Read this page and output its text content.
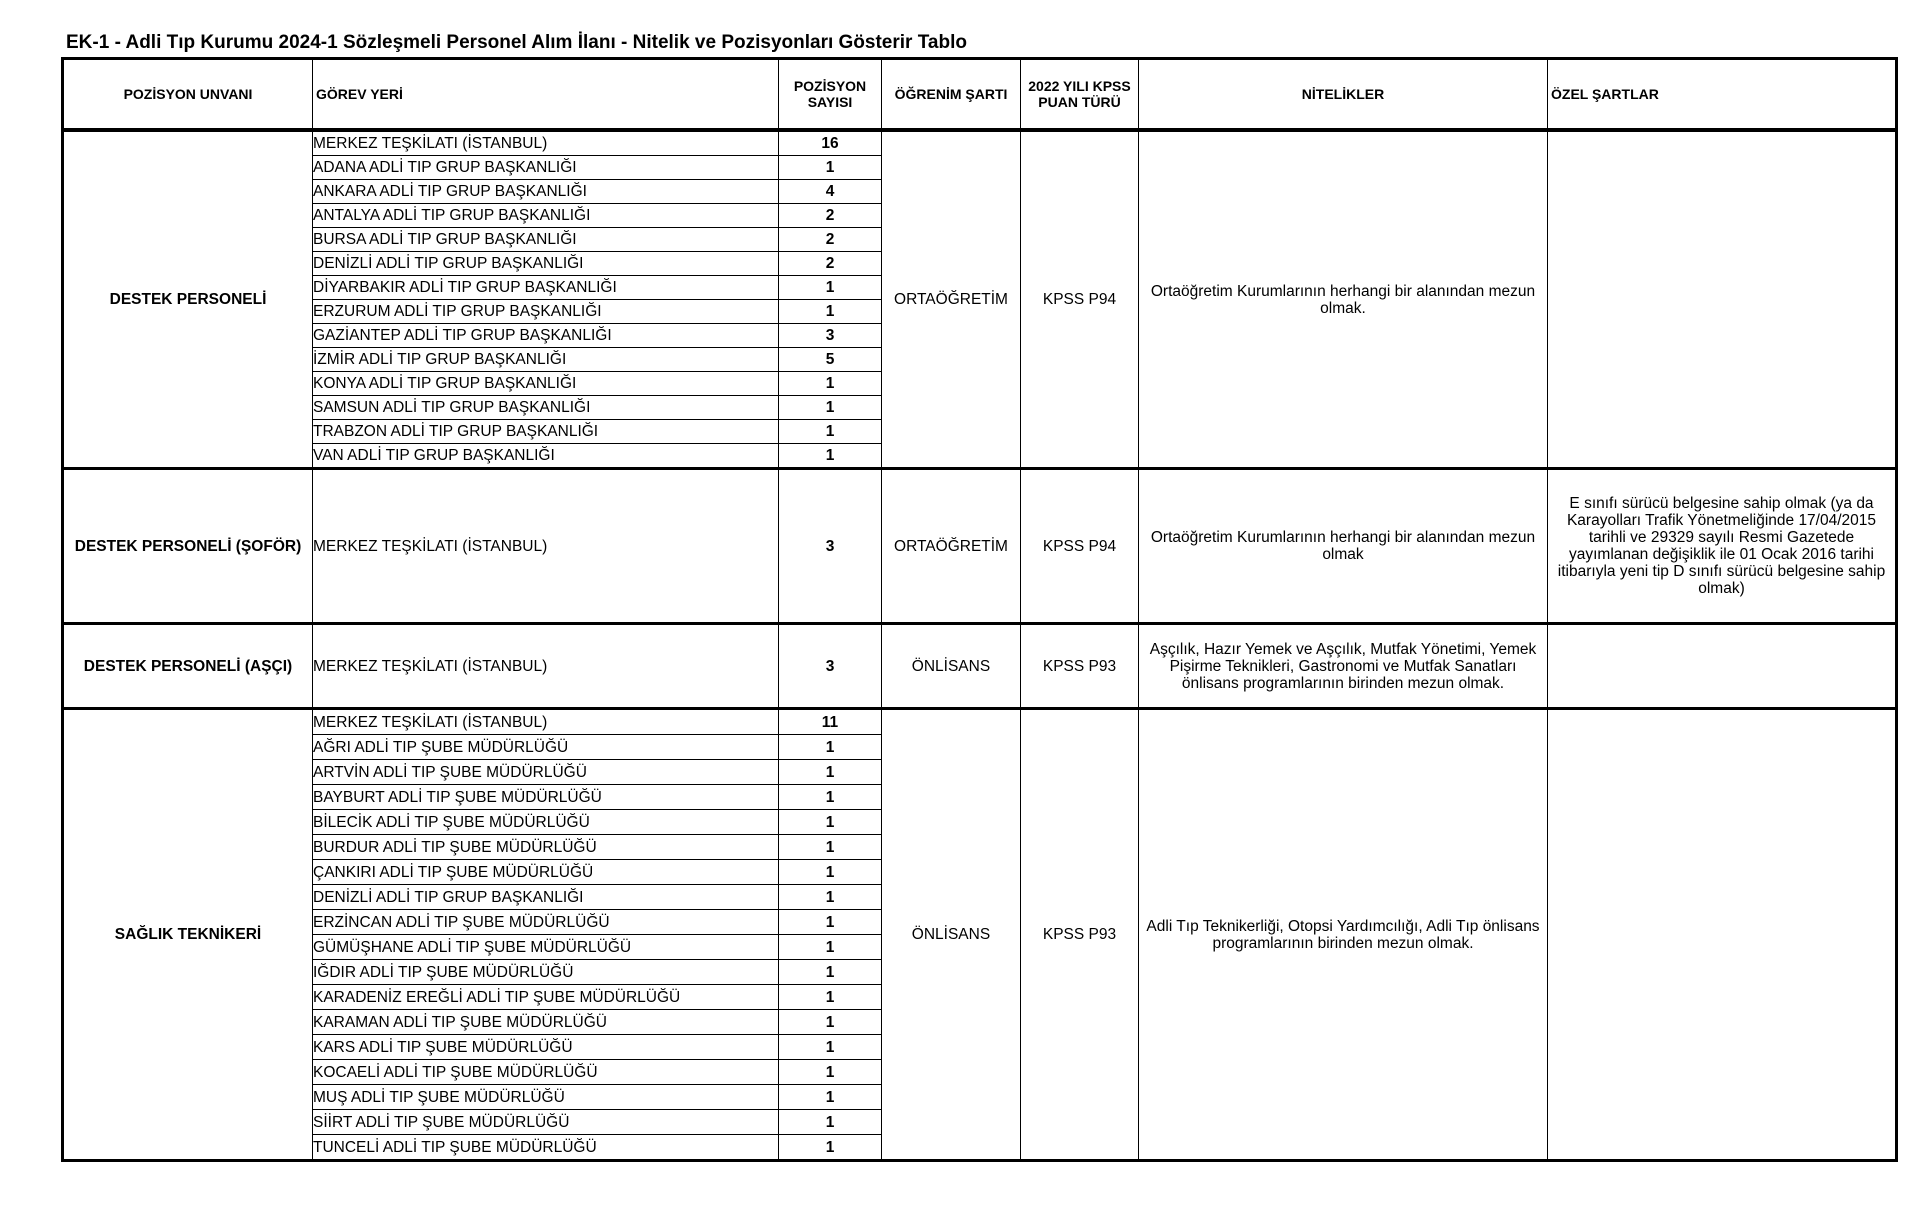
EK-1 - Adli Tıp Kurumu 2024-1 Sözleşmeli Personel Alım İlanı - Nitelik ve Pozisyonları Gösterir Tablo
POZİSYON UNVANI	GÖREV YERİ	POZİSYON SAYISI	ÖĞRENİM ŞARTI	2022 YILI KPSS PUAN TÜRÜ	NİTELİKLER	ÖZEL ŞARTLAR
DESTEK PERSONELİ	MERKEZ TEŞKİLATI (İSTANBUL)	16	ORTAÖĞRETİM	KPSS P94	Ortaöğretim Kurumlarının herhangi bir alanından mezun olmak.	
	ADANA ADLİ TIP GRUP BAŞKANLIĞI	1				
	ANKARA ADLİ TIP GRUP BAŞKANLIĞI	4				
	ANTALYA ADLİ TIP GRUP BAŞKANLIĞI	2				
	BURSA ADLİ TIP GRUP BAŞKANLIĞI	2				
	DENİZLİ ADLİ TIP GRUP BAŞKANLIĞI	2				
	DİYARBAKIR ADLİ TIP GRUP BAŞKANLIĞI	1				
	ERZURUM ADLİ TIP GRUP BAŞKANLIĞI	1				
	GAZİANTEP ADLİ TIP GRUP BAŞKANLIĞI	3				
	İZMİR ADLİ TIP GRUP BAŞKANLIĞI	5				
	KONYA ADLİ TIP GRUP BAŞKANLIĞI	1				
	SAMSUN ADLİ TIP GRUP BAŞKANLIĞI	1				
	TRABZON ADLİ TIP GRUP BAŞKANLIĞI	1				
	VAN ADLİ TIP GRUP BAŞKANLIĞI	1				
DESTEK PERSONELİ (ŞOFÖR)	MERKEZ TEŞKİLATI (İSTANBUL)	3	ORTAÖĞRETİM	KPSS P94	Ortaöğretim Kurumlarının herhangi bir alanından mezun olmak	E sınıfı sürücü belgesine sahip olmak (ya da Karayolları Trafik Yönetmeliğinde 17/04/2015 tarihli ve 29329 sayılı Resmi Gazetede yayımlanan değişiklik ile 01 Ocak 2016 tarihi itibarıyla yeni tip D sınıfı sürücü belgesine sahip olmak)
DESTEK PERSONELİ (AŞÇI)	MERKEZ TEŞKİLATI (İSTANBUL)	3	ÖNLİSANS	KPSS P93	Aşçılık, Hazır Yemek ve Aşçılık, Mutfak Yönetimi, Yemek Pişirme Teknikleri, Gastronomi ve Mutfak Sanatları önlisans programlarının birinden mezun olmak.	
SAĞLIK TEKNİKERİ	MERKEZ TEŞKİLATI (İSTANBUL)	11	ÖNLİSANS	KPSS P93	Adli Tıp Teknikerliği, Otopsi Yardımcılığı, Adli Tıp önlisans programlarının birinden mezun olmak.	
	AĞRI ADLİ TIP ŞUBE MÜDÜRLÜĞÜ	1				
	ARTVİN ADLİ TIP ŞUBE MÜDÜRLÜĞÜ	1				
	BAYBURT ADLİ TIP ŞUBE MÜDÜRLÜĞÜ	1				
	BİLECİK ADLİ TIP ŞUBE MÜDÜRLÜĞÜ	1				
	BURDUR ADLİ TIP ŞUBE MÜDÜRLÜĞÜ	1				
	ÇANKIRI ADLİ TIP ŞUBE MÜDÜRLÜĞÜ	1				
	DENİZLİ ADLİ TIP GRUP BAŞKANLIĞI	1				
	ERZİNCAN ADLİ TIP ŞUBE MÜDÜRLÜĞÜ	1				
	GÜMÜŞHANE ADLİ TIP ŞUBE MÜDÜRLÜĞÜ	1				
	IĞDIR ADLİ TIP ŞUBE MÜDÜRLÜĞÜ	1				
	KARADENİZ EREĞLİ ADLİ TIP ŞUBE MÜDÜRLÜĞÜ	1				
	KARAMAN ADLİ TIP ŞUBE MÜDÜRLÜĞÜ	1				
	KARS ADLİ TIP ŞUBE MÜDÜRLÜĞÜ	1				
	KOCAELİ ADLİ TIP ŞUBE MÜDÜRLÜĞÜ	1				
	MUŞ ADLİ TIP ŞUBE MÜDÜRLÜĞÜ	1				
	SİİRT ADLİ TIP ŞUBE MÜDÜRLÜĞÜ	1				
	TUNCELİ ADLİ TIP ŞUBE MÜDÜRLÜĞÜ	1				
